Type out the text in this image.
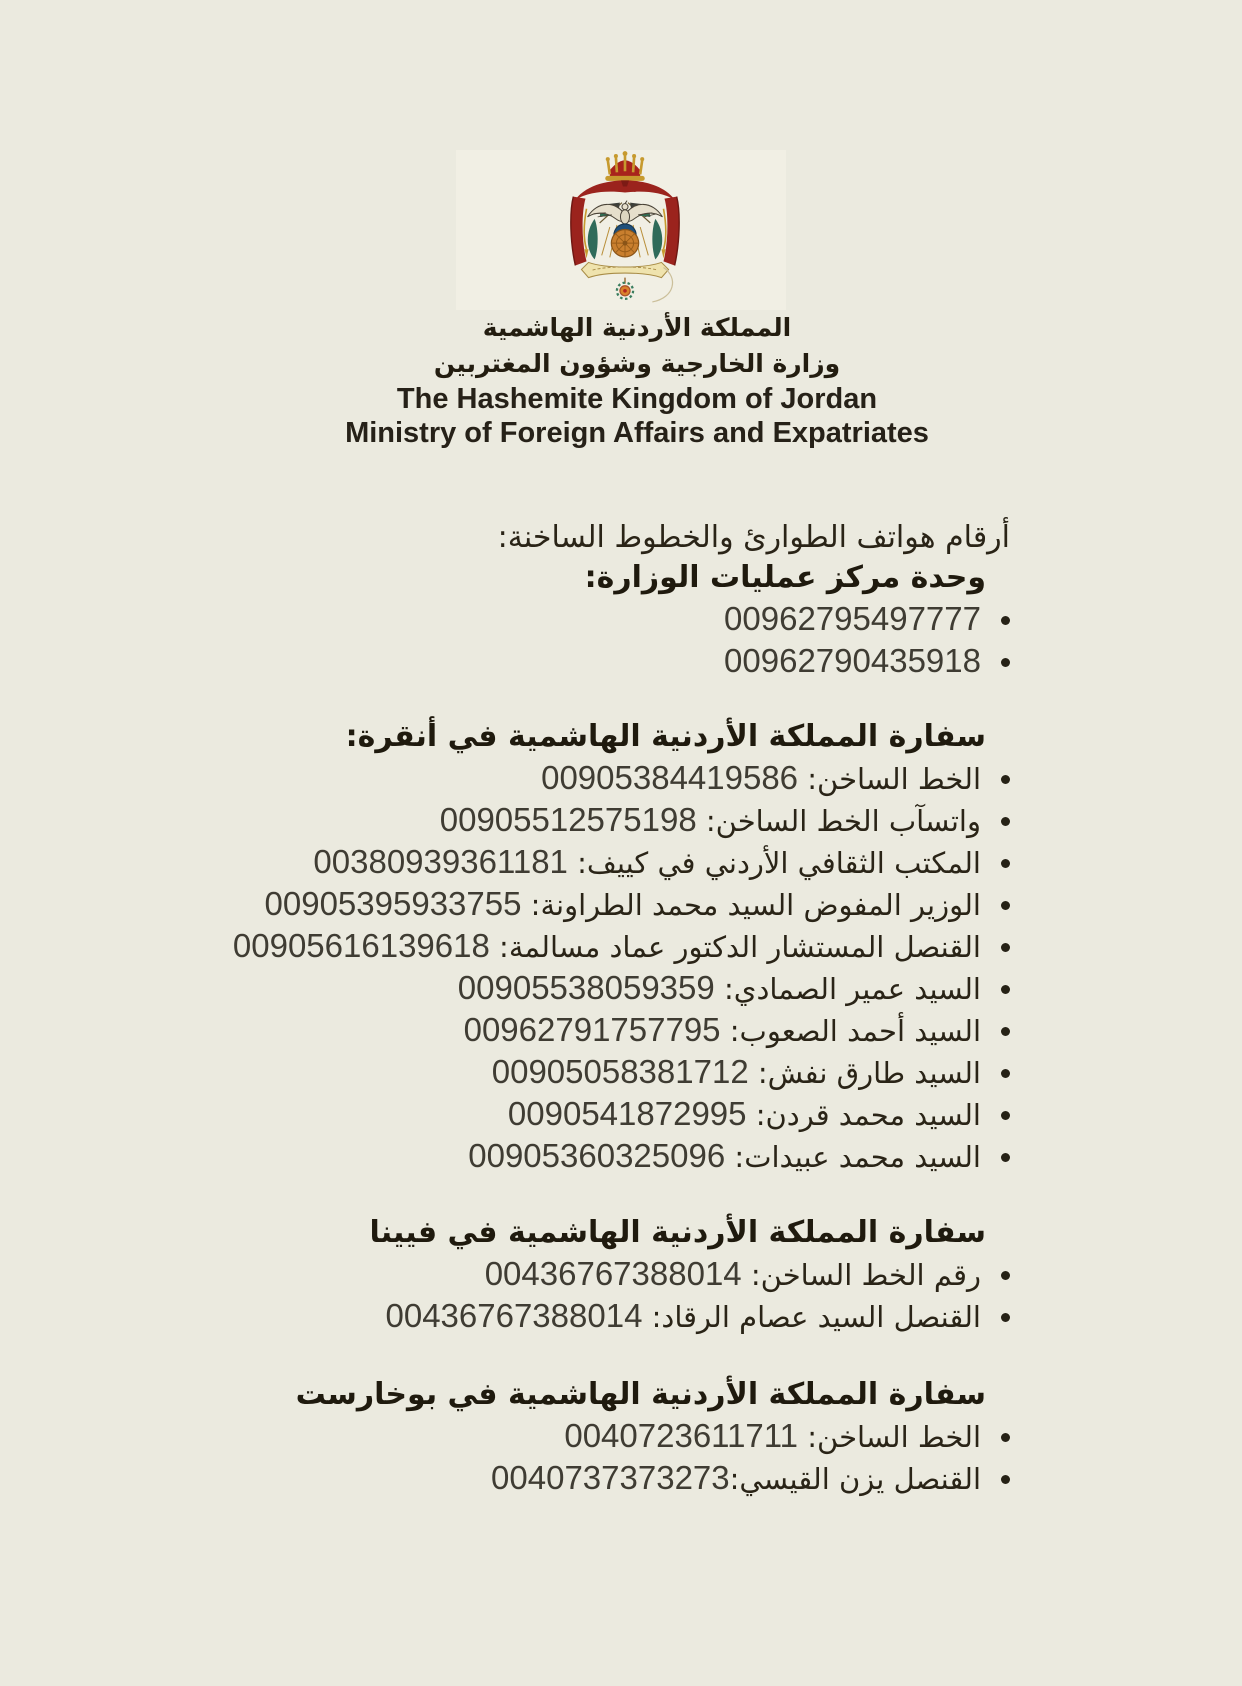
المملكة الأردنية الهاشمية
وزارة الخارجية وشؤون المغتربين
The Hashemite Kingdom of Jordan
Ministry of Foreign Affairs and Expatriates

أرقام هواتف الطوارئ والخطوط الساخنة:

وحدة مركز عمليات الوزارة:
00962795497777
00962790435918
سفارة المملكة الأردنية الهاشمية في أنقرة:
الخط الساخن: 00905384419586
واتسآب الخط الساخن: 00905512575198
المكتب الثقافي الأردني في كييف: 00380939361181
الوزير المفوض السيد محمد الطراونة: 00905395933755
القنصل المستشار الدكتور عماد مسالمة: 00905616139618
السيد عمير الصمادي: 00905538059359
السيد أحمد الصعوب: 00962791757795
السيد طارق نفش: 00905058381712
السيد محمد قردن: 0090541872995
السيد محمد عبيدات: 00905360325096
سفارة المملكة الأردنية الهاشمية في فيينا
رقم الخط الساخن: 00436767388014
القنصل السيد عصام الرقاد: 00436767388014
سفارة المملكة الأردنية الهاشمية في بوخارست
الخط الساخن: 0040723611711
القنصل يزن القيسي:0040737373273
